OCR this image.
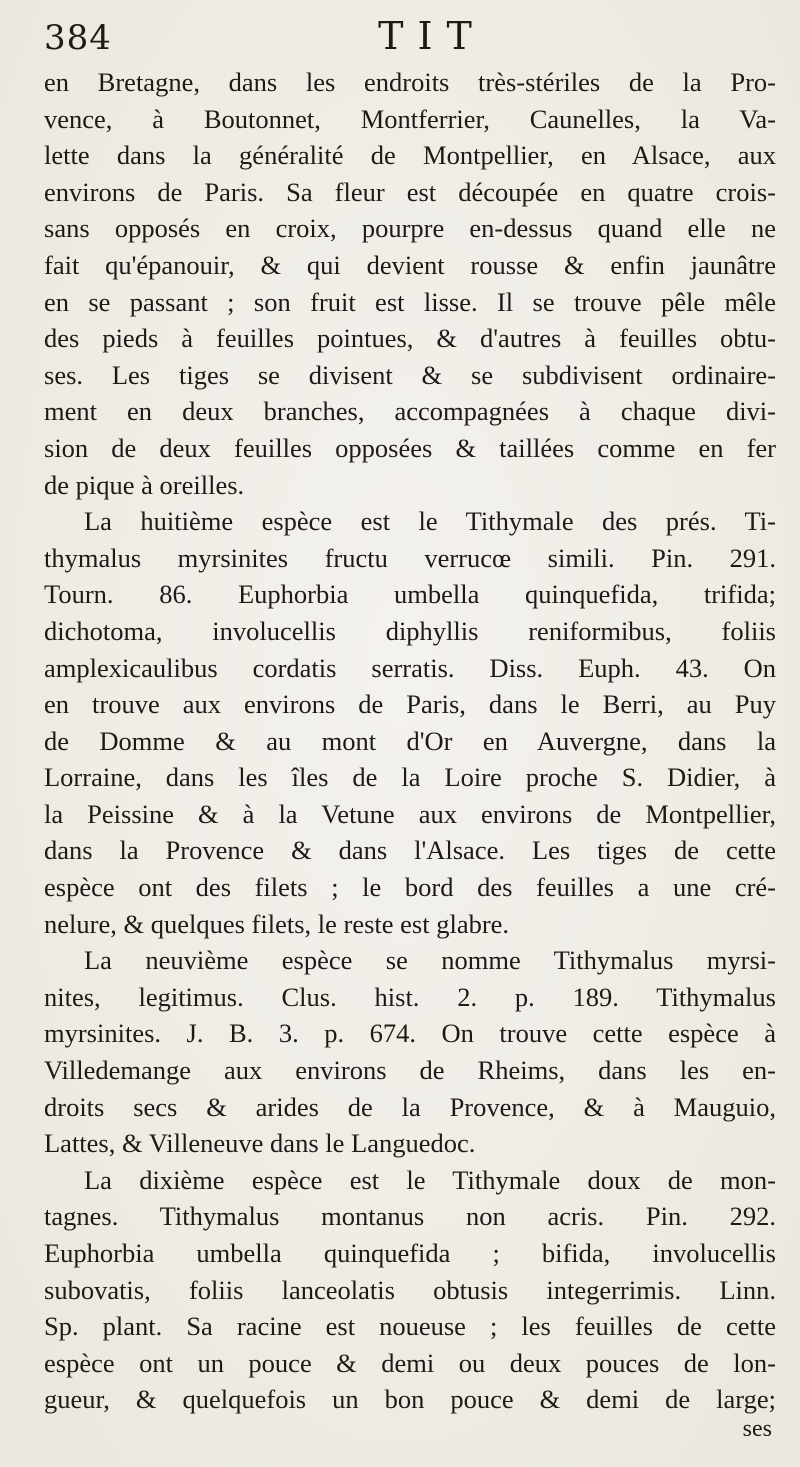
384	TIT
en Bretagne, dans les endroits très-stériles de la Pro-
vence, à Boutonnet, Montferrier, Caunelles, la Va-
lette dans la généralité de Montpellier, en Alsace, aux
environs de Paris. Sa fleur est découpée en quatre crois-
sans opposés en croix, pourpre en-dessus quand elle ne
fait qu'épanouir, & qui devient rousse & enfin jaunâtre
en se passant ; son fruit est lisse. Il se trouve pêle mêle
des pieds à feuilles pointues, & d'autres à feuilles obtu-
ses. Les tiges se divisent & se subdivisent ordinaire-
ment en deux branches, accompagnées à chaque divi-
sion de deux feuilles opposées & taillées comme en fer
de pique à oreilles.
La huitième espèce est le Tithymale des prés. Ti-
thymalus myrsinites fructu verrucœ simili. Pin. 291.
Tourn. 86. Euphorbia umbella quinquefida, trifida;
dichotoma, involucellis diphyllis reniformibus, foliis
amplexicaulibus cordatis serratis. Diss. Euph. 43. On
en trouve aux environs de Paris, dans le Berri, au Puy
de Domme & au mont d'Or en Auvergne, dans la
Lorraine, dans les îles de la Loire proche S. Didier, à
la Peissine & à la Vetune aux environs de Montpellier,
dans la Provence & dans l'Alsace. Les tiges de cette
espèce ont des filets ; le bord des feuilles a une cré-
nelure, & quelques filets, le reste est glabre.
La neuvième espèce se nomme Tithymalus myrsi-
nites, legitimus. Clus. hist. 2. p. 189. Tithymalus
myrsinites. J. B. 3. p. 674. On trouve cette espèce à
Villedemange aux environs de Rheims, dans les en-
droits secs & arides de la Provence, & à Mauguio,
Lattes, & Villeneuve dans le Languedoc.
La dixième espèce est le Tithymale doux de mon-
tagnes. Tithymalus montanus non acris. Pin. 292.
Euphorbia umbella quinquefida ; bifida, involucellis
subovatis, foliis lanceolatis obtusis integerrimis. Linn.
Sp. plant. Sa racine est noueuse ; les feuilles de cette
espèce ont un pouce & demi ou deux pouces de lon-
gueur, & quelquefois un bon pouce & demi de large;
ses
